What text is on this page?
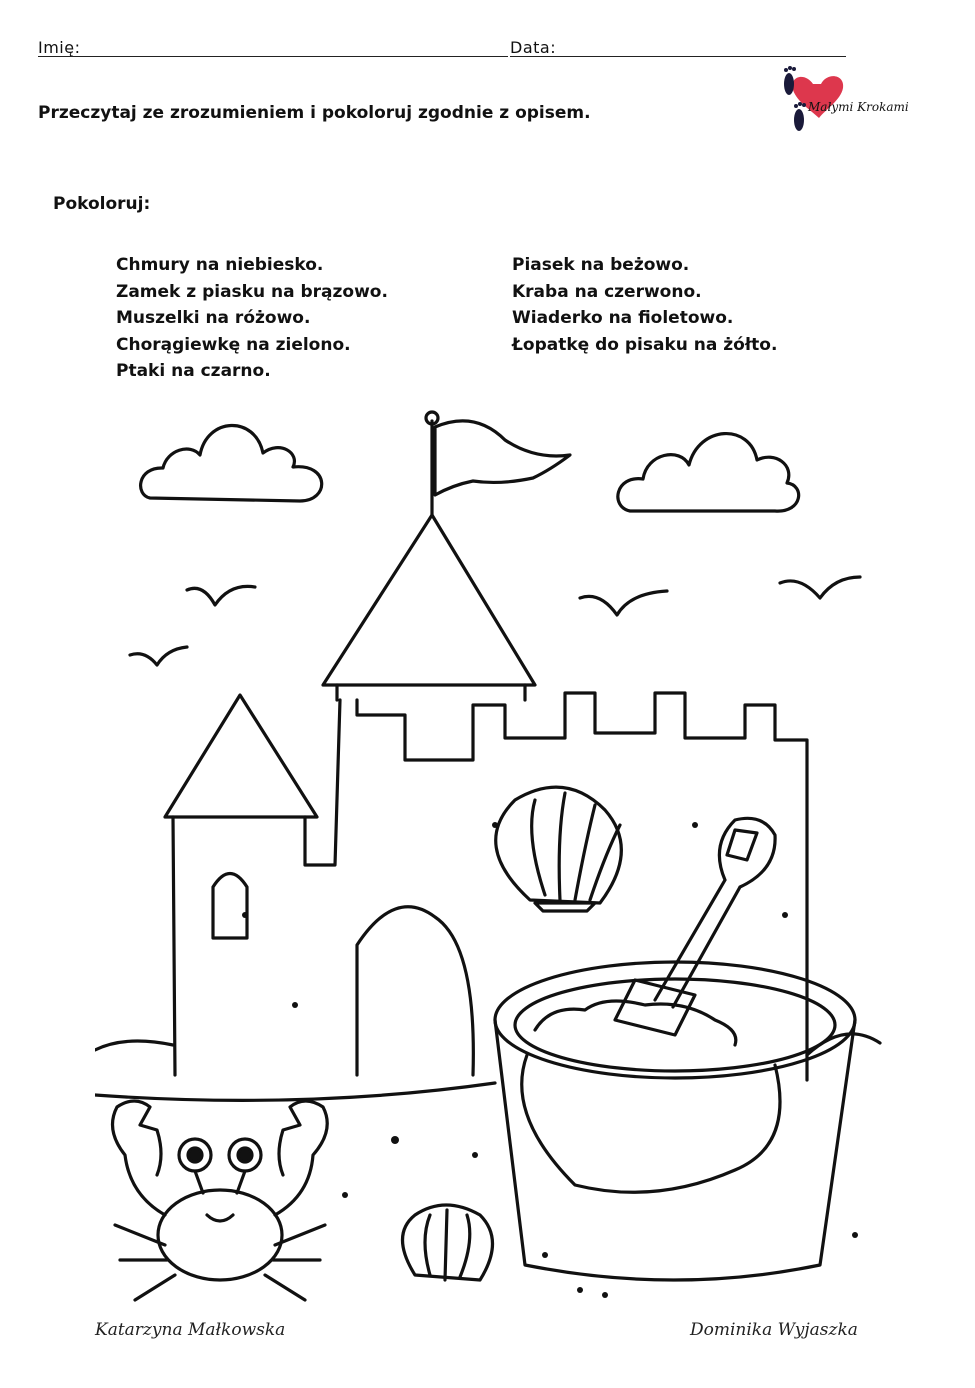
Imię:	Data:
Małymi Krokami
Przeczytaj ze zrozumieniem i pokoloruj zgodnie z opisem.
Pokoloruj:
Chmury na niebiesko.
Zamek z piasku na brązowo.
Muszelki na różowo.
Chorągiewkę na zielono.
Ptaki na czarno.
Piasek na beżowo.
Kraba na czerwono.
Wiaderko na fioletowo.
Łopatkę do pisaku na żółto.
Katarzyna Małkowska	Dominika Wyjaszka
